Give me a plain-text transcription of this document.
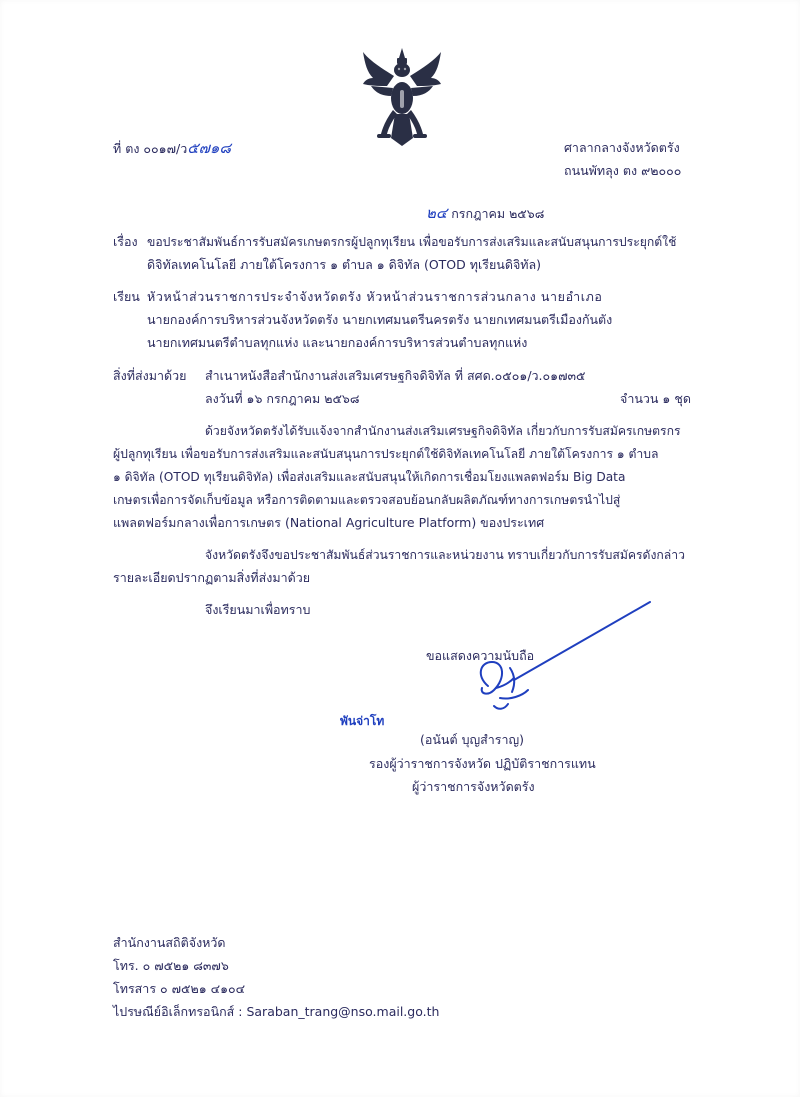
ที่ ตง ๐๐๑๗/ว๕๗๑๘	ศาลากลางจังหวัดตรัง
ถนนพัทลุง ตง ๙๒๐๐๐
๒๔ กรกฎาคม ๒๕๖๘
เรื่อง ขอประชาสัมพันธ์การรับสมัครเกษตรกรผู้ปลูกทุเรียน เพื่อขอรับการส่งเสริมและสนับสนุนการประยุกต์ใช้
ดิจิทัลเทคโนโลยี ภายใต้โครงการ ๑ ตำบล ๑ ดิจิทัล (OTOD ทุเรียนดิจิทัล)
เรียน หัวหน้าส่วนราชการประจำจังหวัดตรัง หัวหน้าส่วนราชการส่วนกลาง นายอำเภอ
นายกองค์การบริหารส่วนจังหวัดตรัง นายกเทศมนตรีนครตรัง นายกเทศมนตรีเมืองกันตัง
นายกเทศมนตรีตำบลทุกแห่ง และนายกองค์การบริหารส่วนตำบลทุกแห่ง
สิ่งที่ส่งมาด้วย สำเนาหนังสือสำนักงานส่งเสริมเศรษฐกิจดิจิทัล ที่ สศด.๐๕๐๑/ว.๐๑๗๓๕
ลงวันที่ ๑๖ กรกฎาคม ๒๕๖๘	จำนวน ๑ ชุด
ด้วยจังหวัดตรังได้รับแจ้งจากสำนักงานส่งเสริมเศรษฐกิจดิจิทัล เกี่ยวกับการรับสมัครเกษตรกร
ผู้ปลูกทุเรียน เพื่อขอรับการส่งเสริมและสนับสนุนการประยุกต์ใช้ดิจิทัลเทคโนโลยี ภายใต้โครงการ ๑ ตำบล
๑ ดิจิทัล (OTOD ทุเรียนดิจิทัล) เพื่อส่งเสริมและสนับสนุนให้เกิดการเชื่อมโยงแพลตฟอร์ม Big Data
เกษตรเพื่อการจัดเก็บข้อมูล หรือการติดตามและตรวจสอบย้อนกลับผลิตภัณฑ์ทางการเกษตรนำไปสู่
แพลตฟอร์มกลางเพื่อการเกษตร (National Agriculture Platform) ของประเทศ
จังหวัดตรังจึงขอประชาสัมพันธ์ส่วนราชการและหน่วยงาน ทราบเกี่ยวกับการรับสมัครดังกล่าว
รายละเอียดปรากฏตามสิ่งที่ส่งมาด้วย
จึงเรียนมาเพื่อทราบ
ขอแสดงความนับถือ
พันจ่าโท
(อนันต์ บุญสำราญ)
รองผู้ว่าราชการจังหวัด ปฏิบัติราชการแทน
ผู้ว่าราชการจังหวัดตรัง
สำนักงานสถิติจังหวัด
โทร. ๐ ๗๕๒๑ ๘๓๗๖
โทรสาร ๐ ๗๕๒๑ ๔๑๐๔
ไปรษณีย์อิเล็กทรอนิกส์ : Saraban_trang@nso.mail.go.th
